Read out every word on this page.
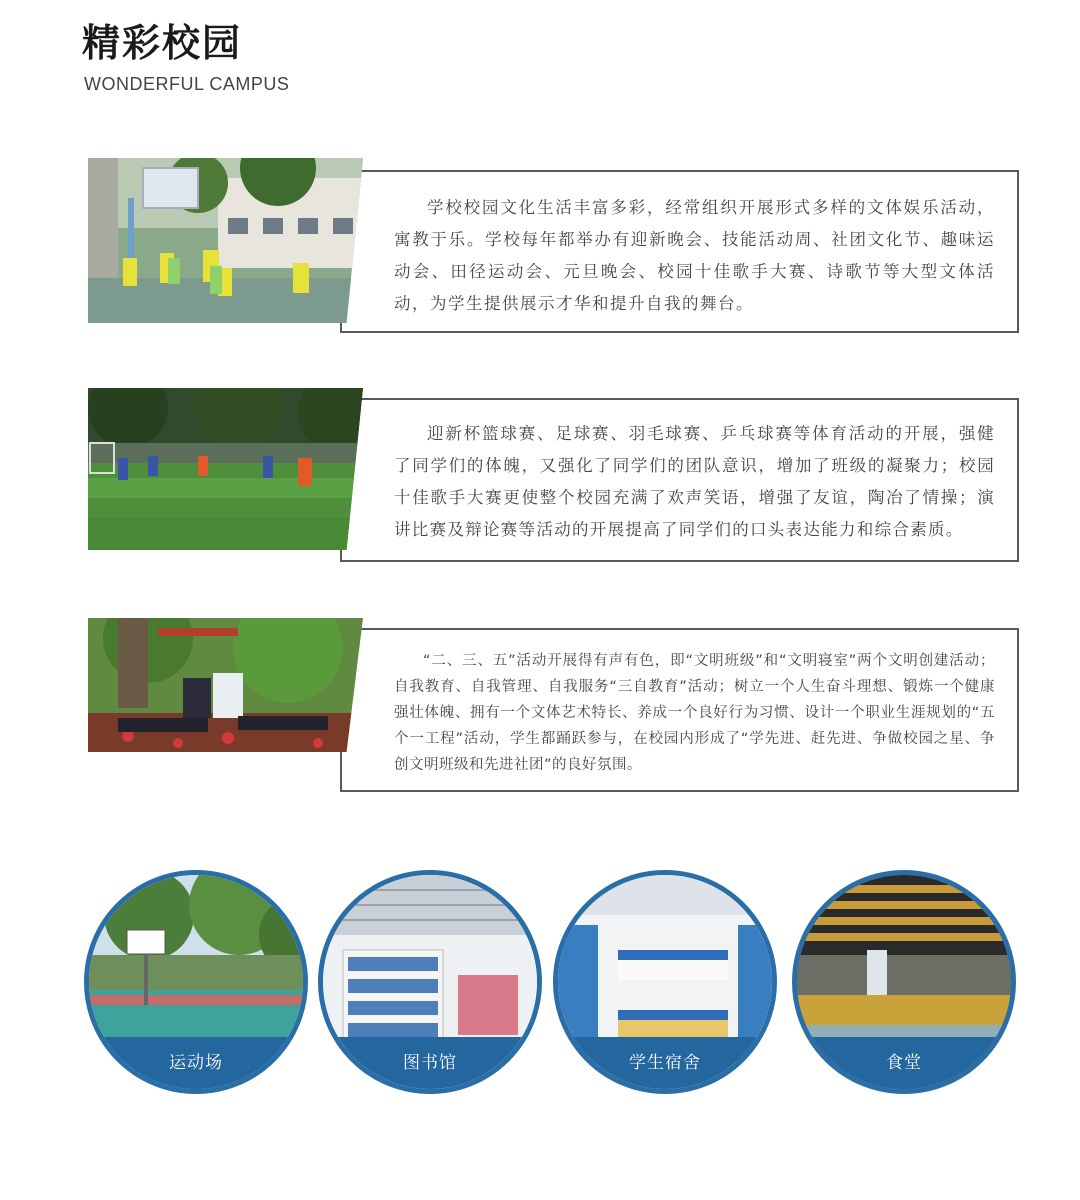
精彩校园
WONDERFUL CAMPUS

学校校园文化生活丰富多彩，经常组织开展形式多样的文体娱乐活动，寓教于乐。学校每年都举办有迎新晚会、技能活动周、社团文化节、趣味运动会、田径运动会、元旦晚会、校园十佳歌手大赛、诗歌节等大型文体活动，为学生提供展示才华和提升自我的舞台。

迎新杯篮球赛、足球赛、羽毛球赛、乒乓球赛等体育活动的开展，强健了同学们的体魄，又强化了同学们的团队意识，增加了班级的凝聚力；校园十佳歌手大赛更使整个校园充满了欢声笑语，增强了友谊，陶冶了情操；演讲比赛及辩论赛等活动的开展提高了同学们的口头表达能力和综合素质。

“二、三、五”活动开展得有声有色，即“文明班级”和“文明寝室”两个文明创建活动；自我教育、自我管理、自我服务“三自教育”活动；树立一个人生奋斗理想、锻炼一个健康强壮体魄、拥有一个文体艺术特长、养成一个良好行为习惯、设计一个职业生涯规划的“五个一工程”活动，学生都踊跃参与，在校园内形成了“学先进、赶先进、争做校园之星、争创文明班级和先进社团”的良好氛围。

运动场	图书馆	学生宿舍	食堂
